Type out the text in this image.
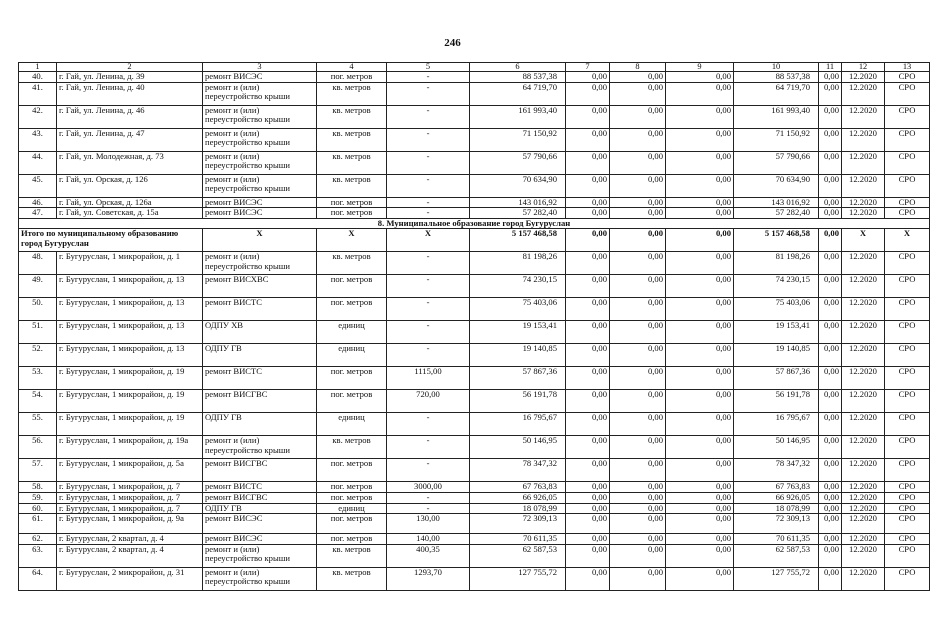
246
1	2	3	4	5	6	7	8	9	10	11	12	13
40.	г. Гай, ул. Ленина, д. 39	ремонт ВИСЭС	пог. метров	-	88 537,38	0,00	0,00	0,00	88 537,38	0,00	12.2020	СРО
41.	г. Гай, ул. Ленина, д. 40	ремонт и (или) переустройство крыши	кв. метров	-	64 719,70	0,00	0,00	0,00	64 719,70	0,00	12.2020	СРО
42.	г. Гай, ул. Ленина, д. 46	ремонт и (или) переустройство крыши	кв. метров	-	161 993,40	0,00	0,00	0,00	161 993,40	0,00	12.2020	СРО
43.	г. Гай, ул. Ленина, д. 47	ремонт и (или) переустройство крыши	кв. метров	-	71 150,92	0,00	0,00	0,00	71 150,92	0,00	12.2020	СРО
44.	г. Гай, ул. Молодежная, д. 73	ремонт и (или) переустройство крыши	кв. метров	-	57 790,66	0,00	0,00	0,00	57 790,66	0,00	12.2020	СРО
45.	г. Гай, ул. Орская, д. 126	ремонт и (или) переустройство крыши	кв. метров	-	70 634,90	0,00	0,00	0,00	70 634,90	0,00	12.2020	СРО
46.	г. Гай, ул. Орская, д. 126а	ремонт ВИСЭС	пог. метров	-	143 016,92	0,00	0,00	0,00	143 016,92	0,00	12.2020	СРО
47.	г. Гай, ул. Советская, д. 15а	ремонт ВИСЭС	пог. метров	-	57 282,40	0,00	0,00	0,00	57 282,40	0,00	12.2020	СРО
8. Муниципальное образование город Бугуруслан												
Итого по муниципальному образованию город Бугуруслан		X	X	X	5 157 468,58	0,00	0,00	0,00	5 157 468,58	0,00	X	X
48.	г. Бугуруслан, 1 микрорайон, д. 1	ремонт и (или) переустройство крыши	кв. метров	-	81 198,26	0,00	0,00	0,00	81 198,26	0,00	12.2020	СРО
49.	г. Бугуруслан, 1 микрорайон, д. 13	ремонт ВИСХВС	пог. метров	-	74 230,15	0,00	0,00	0,00	74 230,15	0,00	12.2020	СРО
50.	г. Бугуруслан, 1 микрорайон, д. 13	ремонт ВИСТС	пог. метров	-	75 403,06	0,00	0,00	0,00	75 403,06	0,00	12.2020	СРО
51.	г. Бугуруслан, 1 микрорайон, д. 13	ОДПУ ХВ	единиц	-	19 153,41	0,00	0,00	0,00	19 153,41	0,00	12.2020	СРО
52.	г. Бугуруслан, 1 микрорайон, д. 13	ОДПУ ГВ	единиц	-	19 140,85	0,00	0,00	0,00	19 140,85	0,00	12.2020	СРО
53.	г. Бугуруслан, 1 микрорайон, д. 19	ремонт ВИСТС	пог. метров	1115,00	57 867,36	0,00	0,00	0,00	57 867,36	0,00	12.2020	СРО
54.	г. Бугуруслан, 1 микрорайон, д. 19	ремонт ВИСГВС	пог. метров	720,00	56 191,78	0,00	0,00	0,00	56 191,78	0,00	12.2020	СРО
55.	г. Бугуруслан, 1 микрорайон, д. 19	ОДПУ ГВ	единиц	-	16 795,67	0,00	0,00	0,00	16 795,67	0,00	12.2020	СРО
56.	г. Бугуруслан, 1 микрорайон, д. 19а	ремонт и (или) переустройство крыши	кв. метров	-	50 146,95	0,00	0,00	0,00	50 146,95	0,00	12.2020	СРО
57.	г. Бугуруслан, 1 микрорайон, д. 5а	ремонт ВИСГВС	пог. метров	-	78 347,32	0,00	0,00	0,00	78 347,32	0,00	12.2020	СРО
58.	г. Бугуруслан, 1 микрорайон, д. 7	ремонт ВИСТС	пог. метров	3000,00	67 763,83	0,00	0,00	0,00	67 763,83	0,00	12.2020	СРО
59.	г. Бугуруслан, 1 микрорайон, д. 7	ремонт ВИСГВС	пог. метров	-	66 926,05	0,00	0,00	0,00	66 926,05	0,00	12.2020	СРО
60.	г. Бугуруслан, 1 микрорайон, д. 7	ОДПУ ГВ	единиц	-	18 078,99	0,00	0,00	0,00	18 078,99	0,00	12.2020	СРО
61.	г. Бугуруслан, 1 микрорайон, д. 9а	ремонт ВИСЭС	пог. метров	130,00	72 309,13	0,00	0,00	0,00	72 309,13	0,00	12.2020	СРО
62.	г. Бугуруслан, 2 квартал, д. 4	ремонт ВИСЭС	пог. метров	140,00	70 611,35	0,00	0,00	0,00	70 611,35	0,00	12.2020	СРО
63.	г. Бугуруслан, 2 квартал, д. 4	ремонт и (или) переустройство крыши	кв. метров	400,35	62 587,53	0,00	0,00	0,00	62 587,53	0,00	12.2020	СРО
64.	г. Бугуруслан, 2 микрорайон, д. 31	ремонт и (или) переустройство крыши	кв. метров	1293,70	127 755,72	0,00	0,00	0,00	127 755,72	0,00	12.2020	СРО
